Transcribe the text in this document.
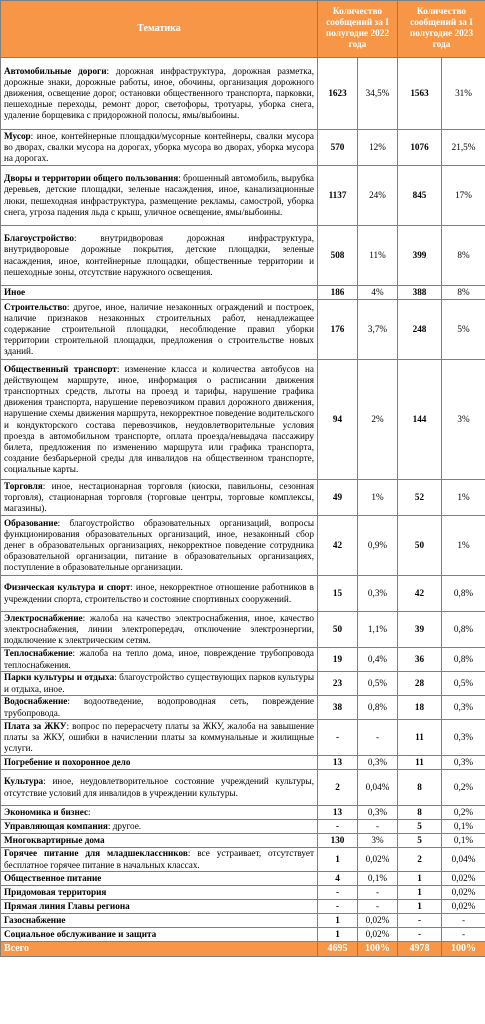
Тематика	Количество сообщений за I полугодие 2022 года		Количество сообщений за I полугодие 2023 года	
Автомобильные дороги: дорожная инфраструктура, дорожная разметка, дорожные знаки, дорожные работы, иное, обочины, организация дорожного движения, освещение дорог, остановки общественного транспорта, парковки, пешеходные переходы, ремонт дорог, светофоры, тротуары, уборка снега, удаление борщевика с придорожной полосы, ямы/выбоины.	1623	34,5%	1563	31%
Мусор: иное, контейнерные площадки/мусорные контейнеры, свалки мусора во дворах, свалки мусора на дорогах, уборка мусора во дворах, уборка мусора на дорогах.	570	12%	1076	21,5%
Дворы и территории общего пользования: брошенный автомобиль, вырубка деревьев, детские площадки, зеленые насаждения, иное, канализационные люки, пешеходная инфраструктура, размещение рекламы, самострой, уборка снега, угроза падения льда с крыш, уличное освещение, ямы/выбоины.	1137	24%	845	17%
Благоустройство: внутридворовая дорожная инфраструктура, внутридворовые дорожные покрытия, детские площадки, зеленые насаждения, иное, контейнерные площадки, общественные территории и пешеходные зоны, отсутствие наружного освещения.	508	11%	399	8%
Иное	186	4%	388	8%
Строительство: другое, иное, наличие незаконных ограждений и построек, наличие признаков незаконных строительных работ, ненадлежащее содержание строительной площадки, несоблюдение правил уборки территории строительной площадки, предложения о строительстве новых зданий.	176	3,7%	248	5%
Общественный транспорт: изменение класса и количества автобусов на действующем маршруте, иное, информация о расписании движения транспортных средств, льготы на проезд и тарифы, нарушение графика движения транспорта, нарушение перевозчиком правил дорожного движения, нарушение схемы движения маршрута, некорректное поведение водительского и кондукторского состава перевозчиков, неудовлетворительные условия проезда в автомобильном транспорте, оплата проезда/невыдача пассажиру билета, предложения по изменению маршрута или графика транспорта, создание безбарьерной среды для инвалидов на общественном транспорте, социальные карты.	94	2%	144	3%
Торговля: иное, нестационарная торговля (киоски, павильоны, сезонная торговля), стационарная торговля (торговые центры, торговые комплексы, магазины).	49	1%	52	1%
Образование: благоустройство образовательных организаций, вопросы функционирования образовательных организаций, иное, незаконный сбор денег в образовательных организациях, некорректное поведение сотрудника образовательной организации, питание в образовательных организациях, поступление в образовательные организации.	42	0,9%	50	1%
Физическая культура и спорт: иное, некорректное отношение работников в учреждении спорта, строительство и состояние спортивных сооружений.	15	0,3%	42	0,8%
Электроснабжение: жалоба на качество электроснабжения, иное, качество электроснабжения, линии электропередач, отключение электроэнергии, подключение к электрическим сетям.	50	1,1%	39	0,8%
Теплоснабжение: жалоба на тепло дома, иное, повреждение трубопровода теплоснабжения.	19	0,4%	36	0,8%
Парки культуры и отдыха: благоустройство существующих парков культуры и отдыха, иное.	23	0,5%	28	0,5%
Водоснабжение: водоотведение, водопроводная сеть, повреждение трубопровода.	38	0,8%	18	0,3%
Плата за ЖКУ: вопрос по перерасчету платы за ЖКУ, жалоба на завышение платы за ЖКУ, ошибки в начислении платы за коммунальные и жилищные услуги.	-	-	11	0,3%
Погребение и похоронное дело	13	0,3%	11	0,3%
Культура: иное, неудовлетворительное состояние учреждений культуры, отсутствие условий для инвалидов в учреждении культуры.	2	0,04%	8	0,2%
Экономика и бизнес:	13	0,3%	8	0,2%
Управляющая компания: другое.	-	-	5	0,1%
Многоквартирные дома	130	3%	5	0,1%
Горячее питание для младшеклассников: все устраивает, отсутствует бесплатное горячее питание в начальных классах.	1	0,02%	2	0,04%
Общественное питание	4	0,1%	1	0,02%
Придомовая территория	-	-	1	0,02%
Прямая линия Главы региона	-	-	1	0,02%
Газоснабжение	1	0,02%	-	-
Социальное обслуживание и защита	1	0,02%	-	-
Всего	4695	100%	4978	100%
